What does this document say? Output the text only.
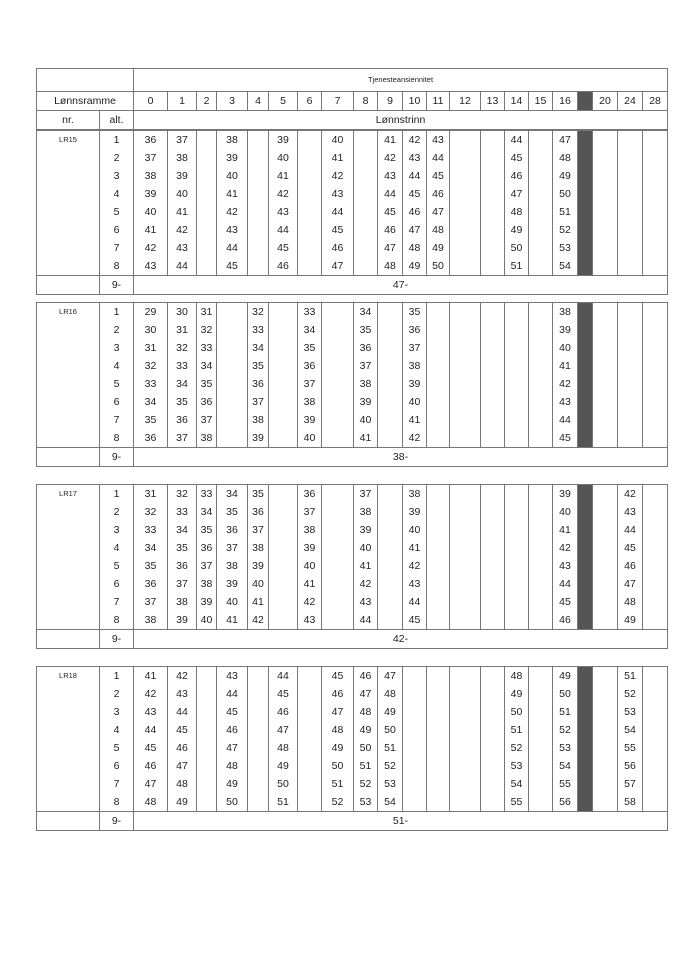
		Tjenesteansiennitet																				
Lønnsramme		0	1	2	3	4	5	6	7	8	9	10	11	12	13	14	15	16		20	24	28
nr.	alt.	Lønnstrinn																				
LR15	1	36	37		38		39		40		41	42	43			44		47				
	2	37	38		39		40		41		42	43	44			45		48				
	3	38	39		40		41		42		43	44	45			46		49				
	4	39	40		41		42		43		44	45	46			47		50				
	5	40	41		42		43		44		45	46	47			48		51				
	6	41	42		43		44		45		46	47	48			49		52				
	7	42	43		44		45		46		47	48	49			50		53				
	8	43	44		45		46		47		48	49	50			51		54				
	9-	47-																				
LR16	1	29	30	31		32		33		34		35						38				
	2	30	31	32		33		34		35		36						39				
	3	31	32	33		34		35		36		37						40				
	4	32	33	34		35		36		37		38						41				
	5	33	34	35		36		37		38		39						42				
	6	34	35	36		37		38		39		40						43				
	7	35	36	37		38		39		40		41						44				
	8	36	37	38		39		40		41		42						45				
	9-	38-																				
LR17	1	31	32	33	34	35		36		37		38						39			42	
	2	32	33	34	35	36		37		38		39						40			43	
	3	33	34	35	36	37		38		39		40						41			44	
	4	34	35	36	37	38		39		40		41						42			45	
	5	35	36	37	38	39		40		41		42						43			46	
	6	36	37	38	39	40		41		42		43						44			47	
	7	37	38	39	40	41		42		43		44						45			48	
	8	38	39	40	41	42		43		44		45						46			49	
	9-	42-																				
LR18	1	41	42		43		44		45	46	47					48		49			51	
	2	42	43		44		45		46	47	48					49		50			52	
	3	43	44		45		46		47	48	49					50		51			53	
	4	44	45		46		47		48	49	50					51		52			54	
	5	45	46		47		48		49	50	51					52		53			55	
	6	46	47		48		49		50	51	52					53		54			56	
	7	47	48		49		50		51	52	53					54		55			57	
	8	48	49		50		51		52	53	54					55		56			58	
	9-	51-																				
